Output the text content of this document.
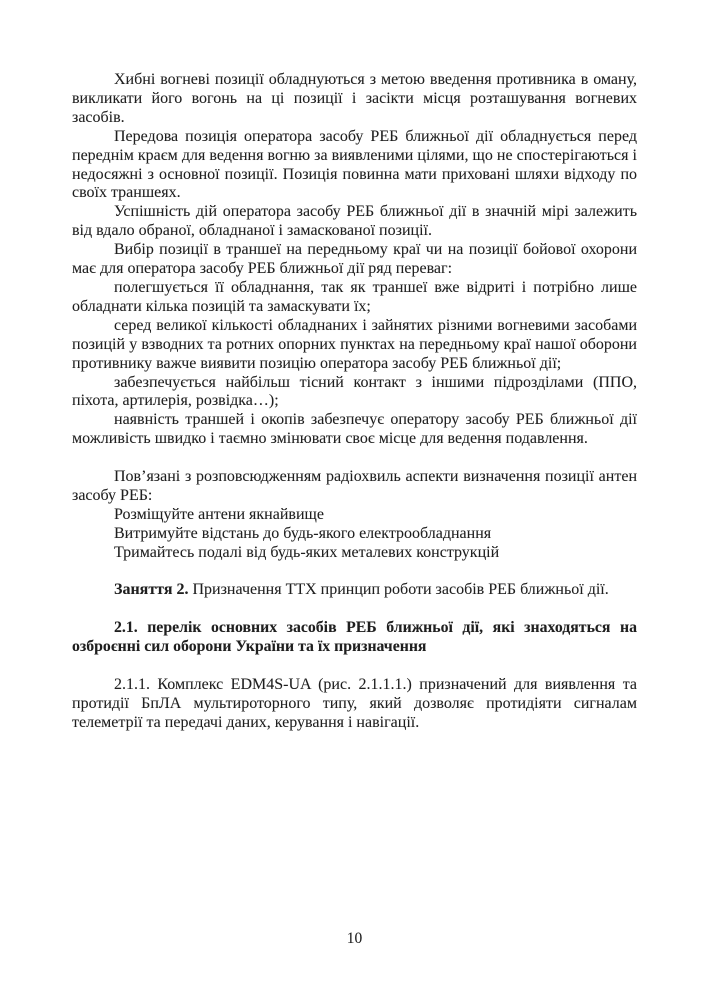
Хибні вогневі позиції обладнуються з метою введення противника в оману, викликати його вогонь на ці позиції і засікти місця розташування вогневих засобів.

Передова позиція оператора засобу РЕБ ближньої дії обладнується перед переднім краєм для ведення вогню за виявленими цілями, що не спостерігаються і недосяжні з основної позиції. Позиція повинна мати приховані шляхи відходу по своїх траншеях.

Успішність дій оператора засобу РЕБ ближньої дії в значній мірі залежить від вдало обраної, обладнаної і замаскованої позиції.

Вибір позиції в траншеї на передньому краї чи на позиції бойової охорони має для оператора засобу РЕБ ближньої дії ряд переваг:

полегшується її обладнання, так як траншеї вже відриті і потрібно лише обладнати кілька позицій та замаскувати їх;

серед великої кількості обладнаних і зайнятих різними вогневими засобами позицій у взводних та ротних опорних пунктах на передньому краї нашої оборони противнику важче виявити позицію оператора засобу РЕБ ближньої дії;

забезпечується найбільш тісний контакт з іншими підрозділами (ППО, піхота, артилерія, розвідка…);

наявність траншей і окопів забезпечує оператору засобу РЕБ ближньої дії можливість швидко і таємно змінювати своє місце для ведення подавлення.

Пов’язані з розповсюдженням радіохвиль аспекти визначення позиції антен засобу РЕБ:

Розміщуйте антени якнайвище

Витримуйте відстань до будь-якого електрообладнання

Тримайтесь подалі від будь-яких металевих конструкцій

Заняття 2. Призначення ТТХ принцип роботи засобів РЕБ ближньої дії.

2.1. перелік основних засобів РЕБ ближньої дії, які знаходяться на озброєнні сил оборони України та їх призначення

2.1.1. Комплекс EDM4S-UA (рис. 2.1.1.1.) призначений для виявлення та протидії БпЛА мультироторного типу, який дозволяє протидіяти сигналам телеметрії та передачі даних, керування і навігації.

10
